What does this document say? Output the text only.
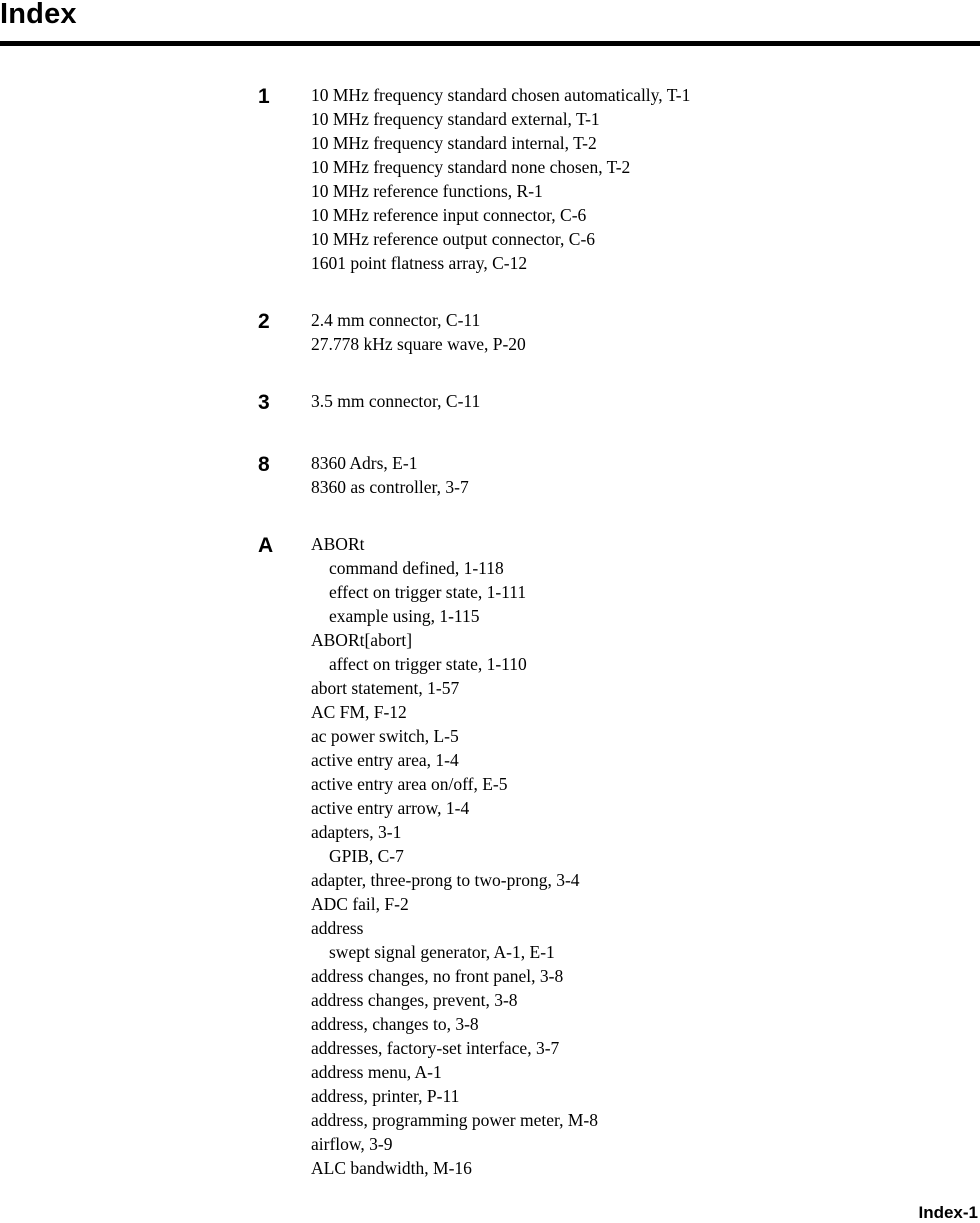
Index
1 10 MHz frequency standard chosen automatically, T-1
10 MHz frequency standard external, T-1
10 MHz frequency standard internal, T-2
10 MHz frequency standard none chosen, T-2
10 MHz reference functions, R-1
10 MHz reference input connector, C-6
10 MHz reference output connector, C-6
1601 point flatness array, C-12
2 2.4 mm connector, C-11
27.778 kHz square wave, P-20
3 3.5 mm connector, C-11
8 8360 Adrs, E-1
8360 as controller, 3-7
A ABORt
command defined, 1-118
effect on trigger state, 1-111
example using, 1-115
ABORt[abort]
affect on trigger state, 1-110
abort statement, 1-57
AC FM, F-12
ac power switch, L-5
active entry area, 1-4
active entry area on/off, E-5
active entry arrow, 1-4
adapters, 3-1
GPIB, C-7
adapter, three-prong to two-prong, 3-4
ADC fail, F-2
address
swept signal generator, A-1, E-1
address changes, no front panel, 3-8
address changes, prevent, 3-8
address, changes to, 3-8
addresses, factory-set interface, 3-7
address menu, A-1
address, printer, P-11
address, programming power meter, M-8
airflow, 3-9
ALC bandwidth, M-16
Index-1
